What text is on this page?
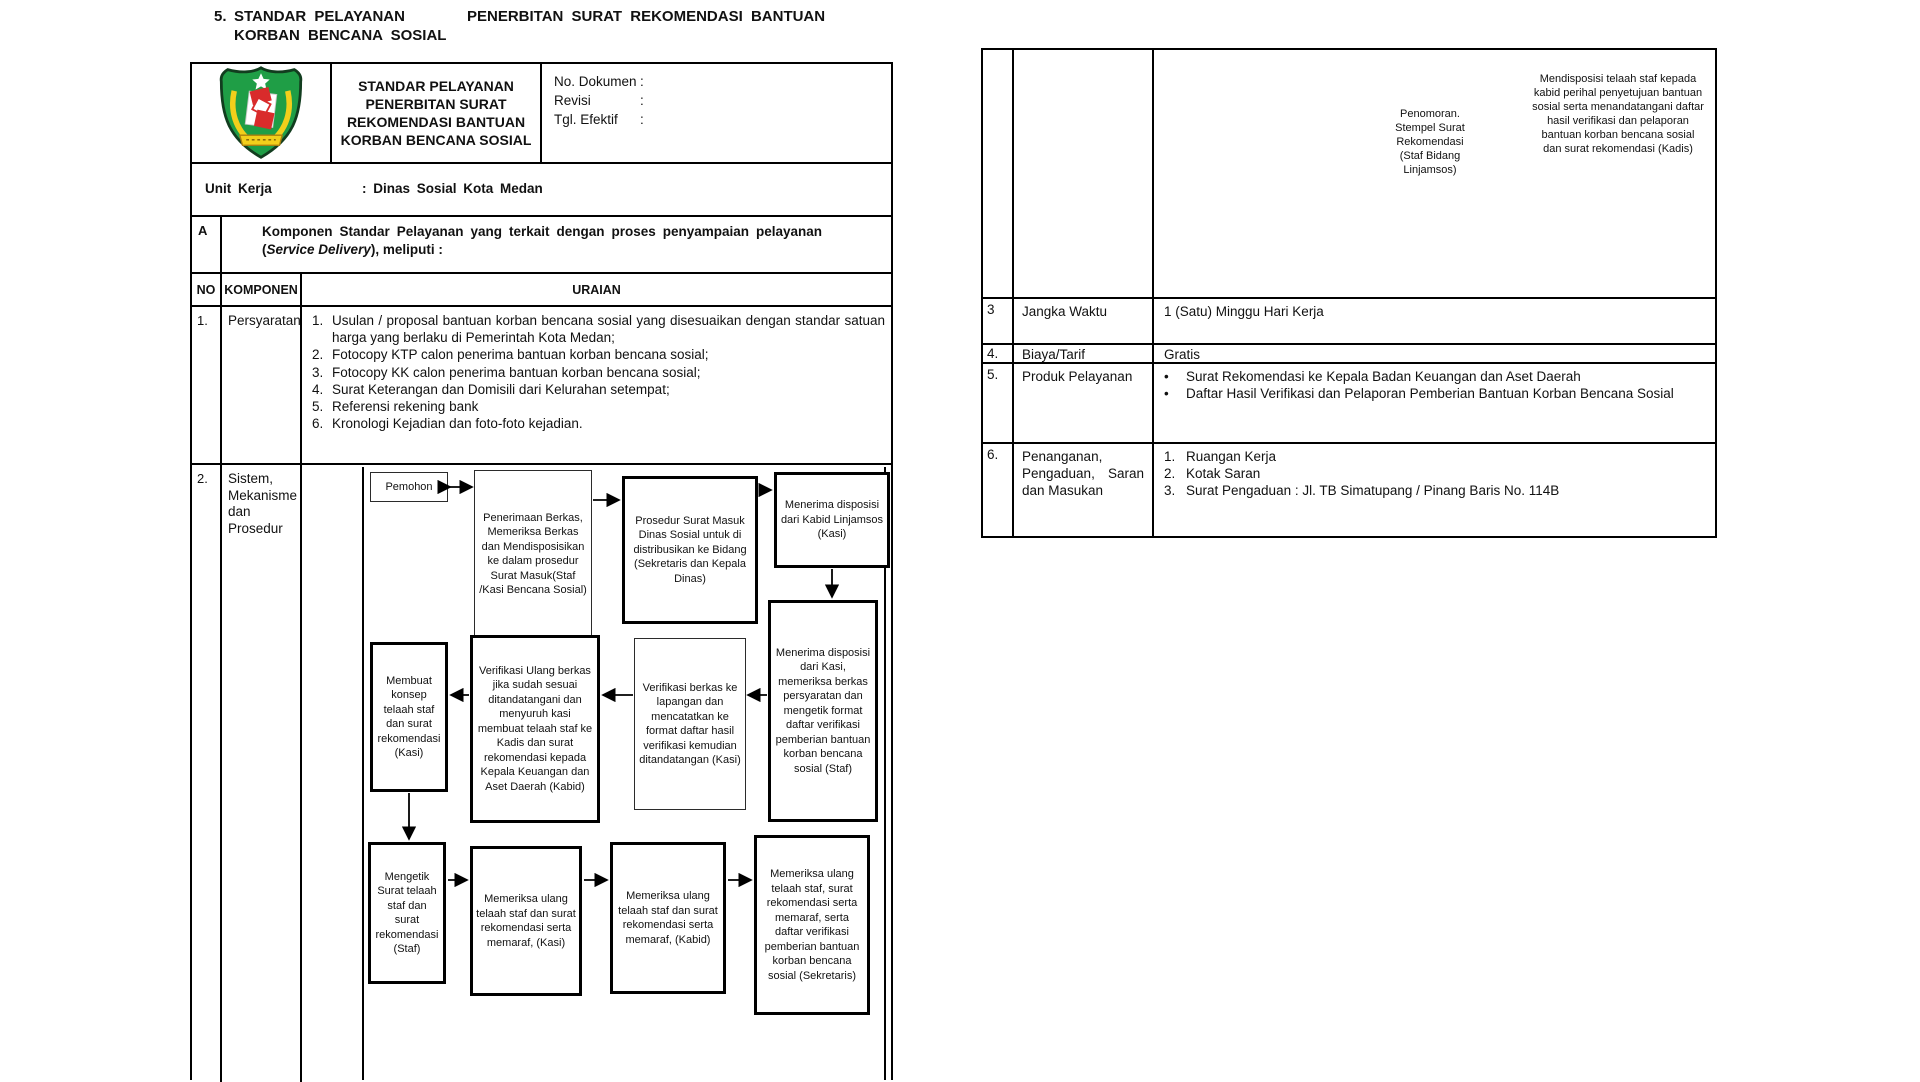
5. STANDAR PELAYANAN	PENERBITAN SURAT REKOMENDASI BANTUAN
KORBAN BENCANA SOSIAL
STANDAR PELAYANAN PENERBITAN SURAT REKOMENDASI BANTUAN KORBAN BENCANA SOSIAL
No. Dokumen :
Revisi	:
Tgl. Efektif	:
Unit Kerja	: Dinas Sosial Kota Medan
A	Komponen Standar Pelayanan yang terkait dengan proses penyampaian pelayanan (Service Delivery), meliputi :
NO KOMPONEN	URAIAN
1.	Persyaratan 1. Usulan / proposal bantuan korban bencana sosial yang disesuaikan dengan standar satuan harga yang berlaku di Pemerintah Kota Medan;
2. Fotocopy KTP calon penerima bantuan korban bencana sosial;
3. Fotocopy KK calon penerima bantuan korban bencana sosial;
4. Surat Keterangan dan Domisili dari Kelurahan setempat;
5. Referensi rekening bank
6. Kronologi Kejadian dan foto-foto kejadian.
2.	Sistem, Mekanisme dan Prosedur
Pemohon
Penerimaan Berkas, Memeriksa Berkas dan Mendisposisikan ke dalam prosedur Surat Masuk(Staf /Kasi Bencana Sosial)
Prosedur Surat Masuk Dinas Sosial untuk di distribusikan ke Bidang (Sekretaris dan Kepala Dinas)
Menerima disposisi dari Kabid Linjamsos (Kasi)
Menerima disposisi dari Kasi, memeriksa berkas persyaratan dan mengetik format daftar verifikasi pemberian bantuan korban bencana sosial (Staf)
Verifikasi berkas ke lapangan dan mencatatkan ke format daftar hasil verifikasi kemudian ditandatangan (Kasi)
Verifikasi Ulang berkas jika sudah sesuai ditandatangani dan menyuruh kasi membuat telaah staf ke Kadis dan surat rekomendasi kepada Kepala Keuangan dan Aset Daerah (Kabid)
Membuat konsep telaah staf dan surat rekomendasi (Kasi)
Mengetik Surat telaah staf dan surat rekomendasi (Staf)
Memeriksa ulang telaah staf dan surat rekomendasi serta memaraf, (Kasi)
Memeriksa ulang telaah staf dan surat rekomendasi serta memaraf, (Kabid)
Memeriksa ulang telaah staf, surat rekomendasi serta memaraf, serta daftar verifikasi pemberian bantuan korban bencana sosial (Sekretaris)
Penomoran. Stempel Surat Rekomendasi (Staf Bidang Linjamsos)
Mendisposisi telaah staf kepada kabid perihal penyetujuan bantuan sosial serta menandatangani daftar hasil verifikasi dan pelaporan bantuan korban bencana sosial dan surat rekomendasi (Kadis)
3	Jangka Waktu	1 (Satu) Minggu Hari Kerja
4.	Biaya/Tarif	Gratis
5.	Produk Pelayanan	•	Surat Rekomendasi ke Kepala Badan Keuangan dan Aset Daerah
•	Daftar Hasil Verifikasi dan Pelaporan Pemberian Bantuan Korban Bencana Sosial
6.	Penanganan, Pengaduan, Saran dan Masukan
1. Ruangan Kerja
2. Kotak Saran
3. Surat Pengaduan : Jl. TB Simatupang / Pinang Baris No. 114B
